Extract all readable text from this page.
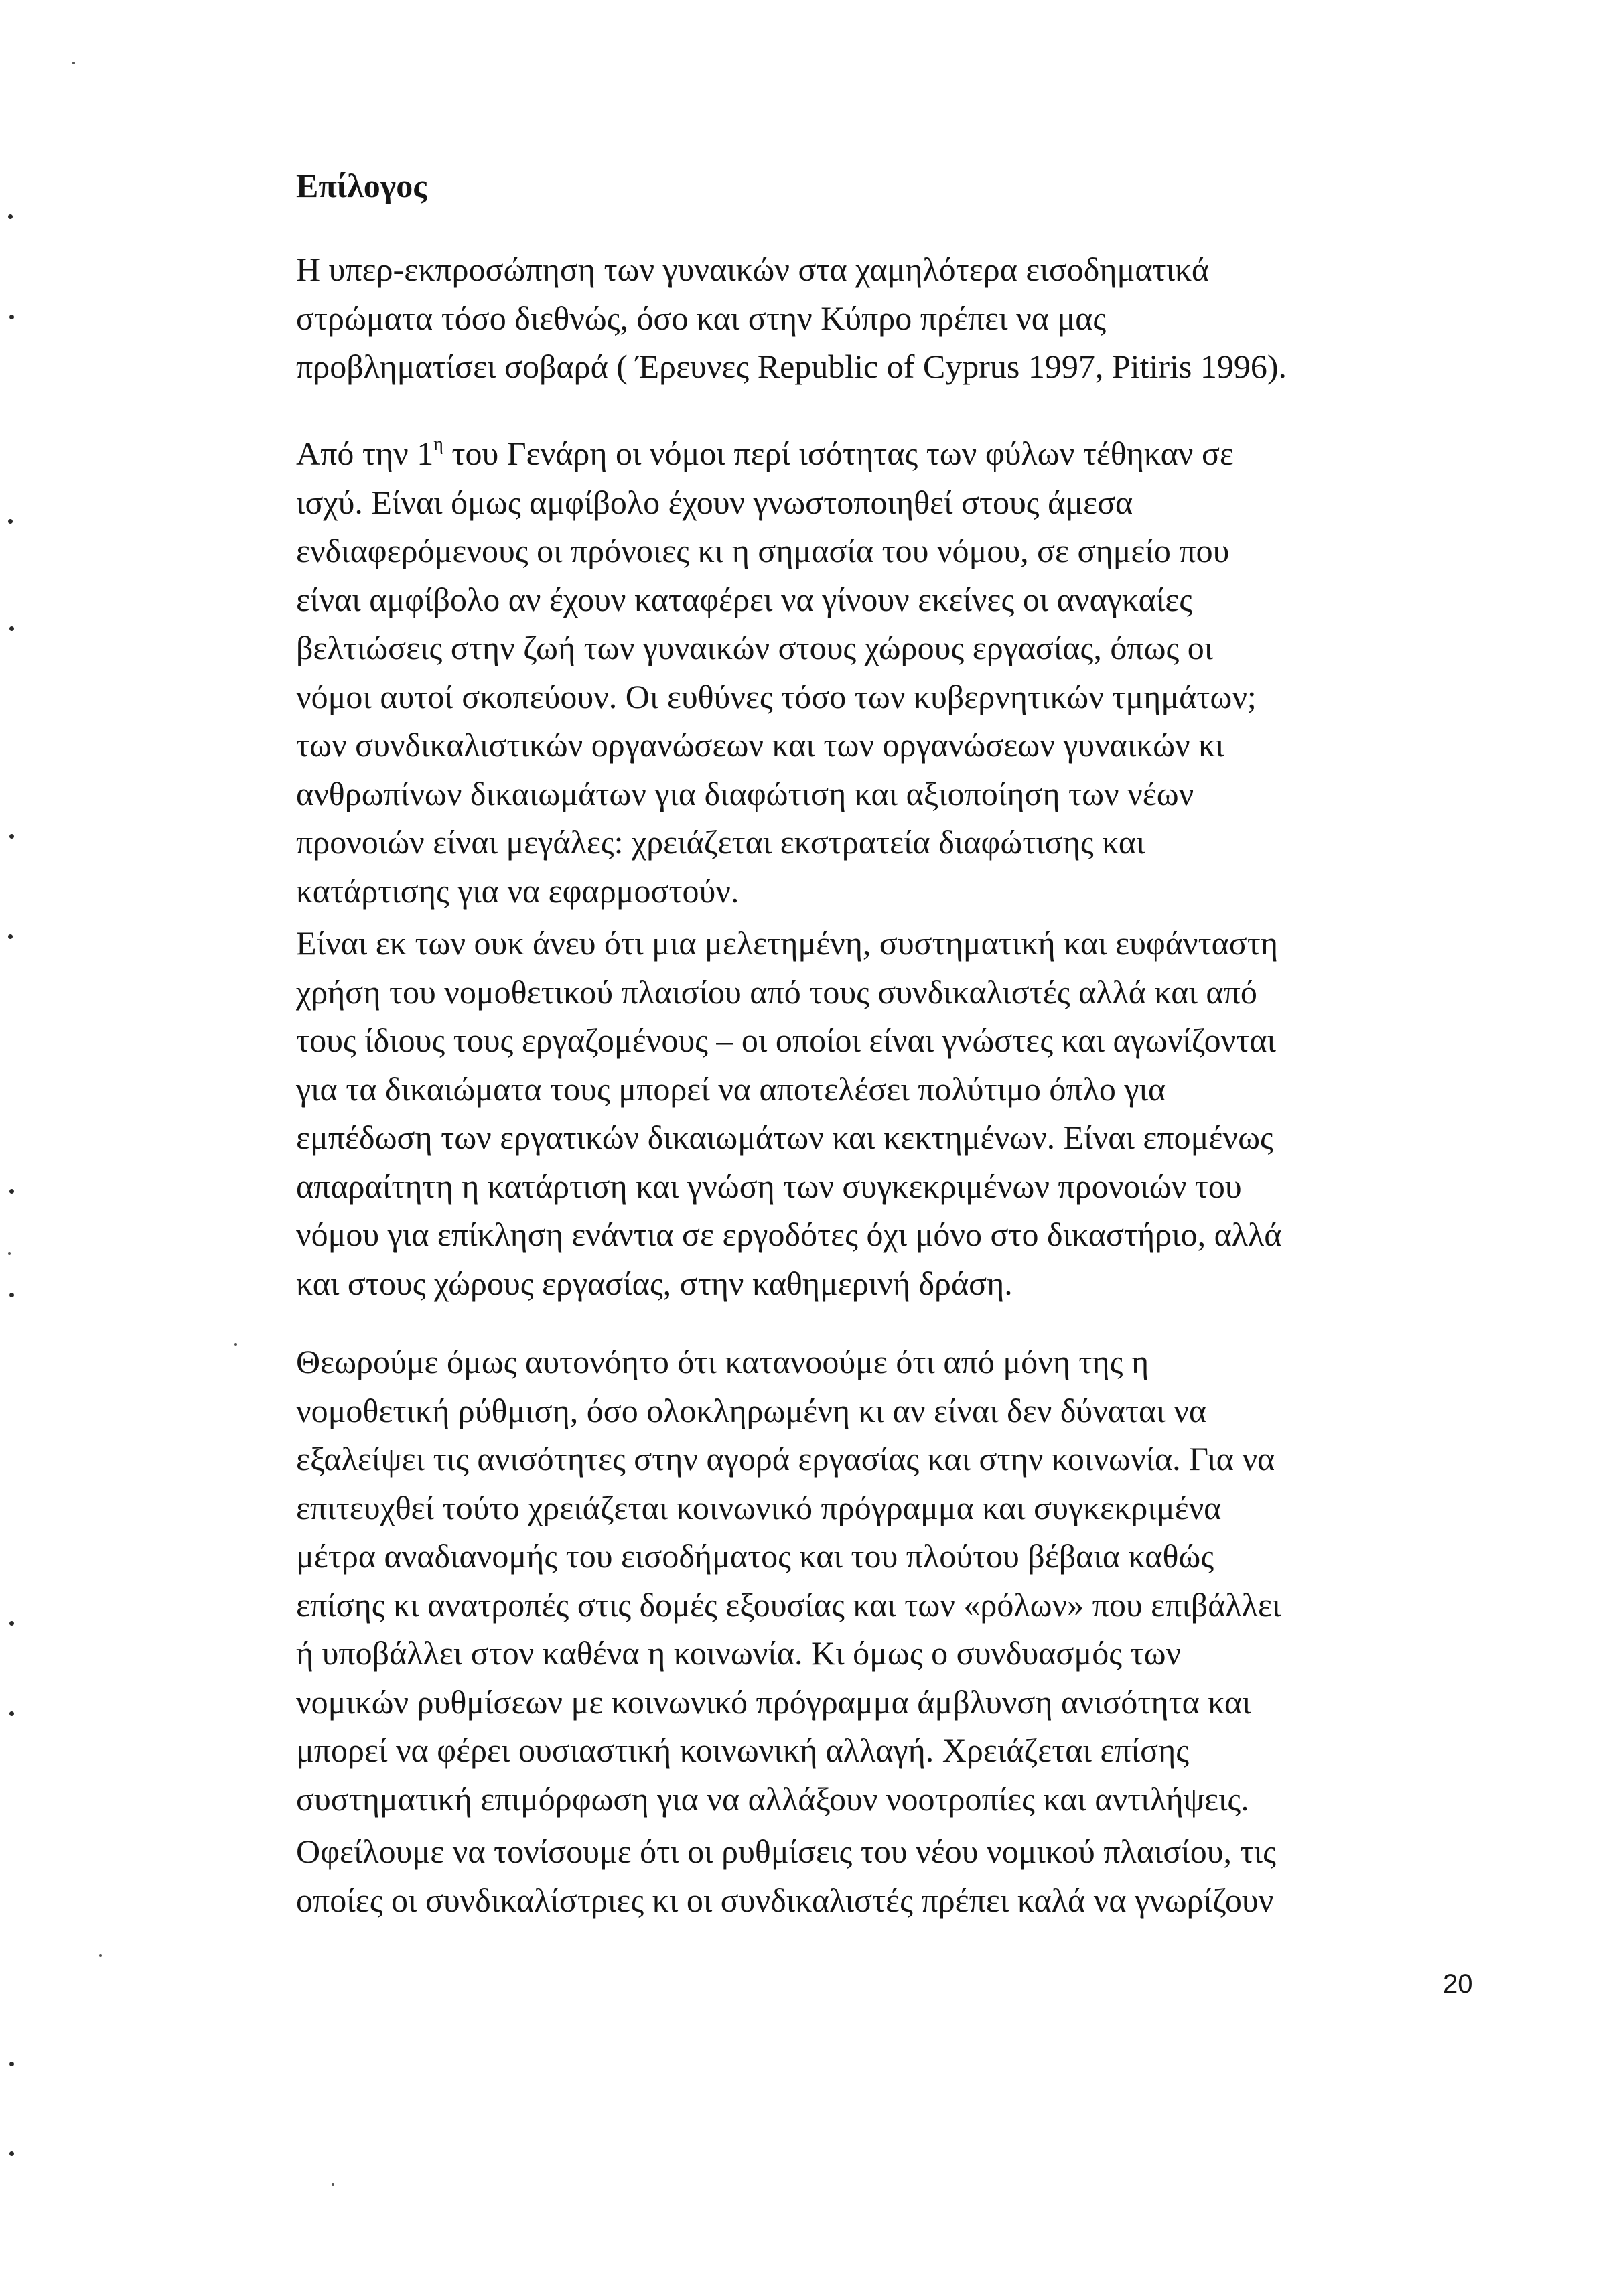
Επίλογος

Η υπερ-εκπροσώπηση των γυναικών στα χαμηλότερα εισοδηματικά
στρώματα τόσο διεθνώς, όσο και στην Κύπρο πρέπει να μας
προβληματίσει σοβαρά ( Έρευνες Republic of Cyprus 1997, Pitiris 1996).

Από την $1^\eta$ του Γενάρη οι νόμοι περί ισότητας των φύλων τέθηκαν σε
ισχύ. Είναι όμως αμφίβολο έχουν γνωστοποιηθεί στους άμεσα
ενδιαφερόμενους οι πρόνοιες κι η σημασία του νόμου, σε σημείο που
είναι αμφίβολο αν έχουν καταφέρει να γίνουν εκείνες οι αναγκαίες
βελτιώσεις στην ζωή των γυναικών στους χώρους εργασίας, όπως οι
νόμοι αυτοί σκοπεύουν. Οι ευθύνες τόσο των κυβερνητικών τμημάτων;
των συνδικαλιστικών οργανώσεων και των οργανώσεων γυναικών κι
ανθρωπίνων δικαιωμάτων για διαφώτιση και αξιοποίηση των νέων
προνοιών είναι μεγάλες: χρειάζεται εκστρατεία διαφώτισης και
κατάρτισης για να εφαρμοστούν.

Είναι εκ των ουκ άνευ ότι μια μελετημένη, συστηματική και ευφάνταστη
χρήση του νομοθετικού πλαισίου από τους συνδικαλιστές αλλά και από
τους ίδιους τους εργαζομένους – οι οποίοι είναι γνώστες και αγωνίζονται
για τα δικαιώματα τους μπορεί να αποτελέσει πολύτιμο όπλο για
εμπέδωση των εργατικών δικαιωμάτων και κεκτημένων. Είναι επομένως
απαραίτητη η κατάρτιση και γνώση των συγκεκριμένων προνοιών του
νόμου για επίκληση ενάντια σε εργοδότες όχι μόνο στο δικαστήριο, αλλά
και στους χώρους εργασίας, στην καθημερινή δράση.

Θεωρούμε όμως αυτονόητο ότι κατανοούμε ότι από μόνη της η
νομοθετική ρύθμιση, όσο ολοκληρωμένη κι αν είναι δεν δύναται να
εξαλείψει τις ανισότητες στην αγορά εργασίας και στην κοινωνία. Για να
επιτευχθεί τούτο χρειάζεται κοινωνικό πρόγραμμα και συγκεκριμένα
μέτρα αναδιανομής του εισοδήματος και του πλούτου βέβαια καθώς
επίσης κι ανατροπές στις δομές εξουσίας και των «ρόλων» που επιβάλλει
ή υποβάλλει στον καθένα η κοινωνία. Κι όμως ο συνδυασμός των
νομικών ρυθμίσεων με κοινωνικό πρόγραμμα άμβλυνση ανισότητα και
μπορεί να φέρει ουσιαστική κοινωνική αλλαγή. Χρειάζεται επίσης
συστηματική επιμόρφωση για να αλλάξουν νοοτροπίες και αντιλήψεις.

Οφείλουμε να τονίσουμε ότι οι ρυθμίσεις του νέου νομικού πλαισίου, τις
οποίες οι συνδικαλίστριες κι οι συνδικαλιστές πρέπει καλά να γνωρίζουν

20
